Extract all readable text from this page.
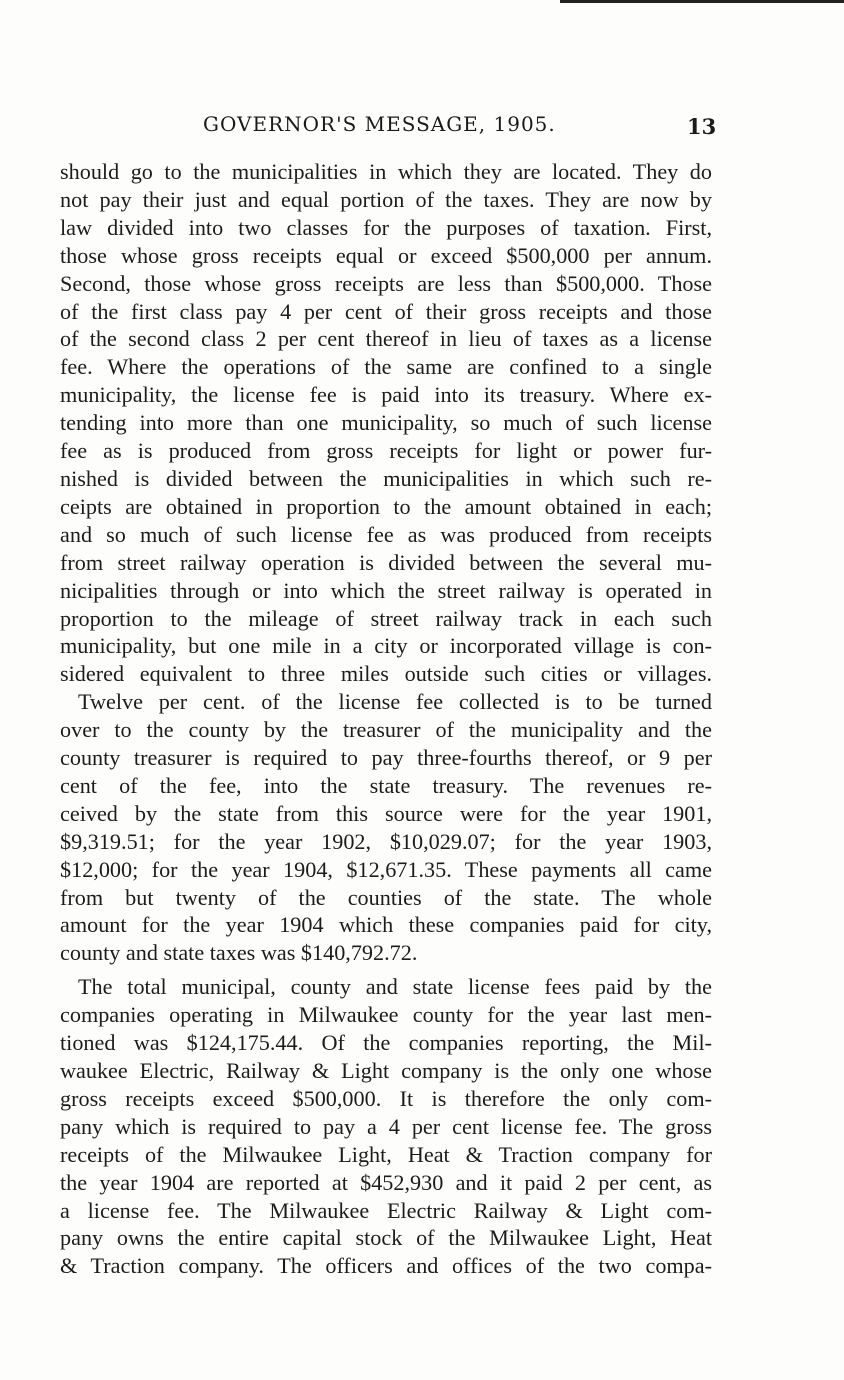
GOVERNOR'S MESSAGE, 1905.	13
should go to the municipalities in which they are located. They do
not pay their just and equal portion of the taxes. They are now by
law divided into two classes for the purposes of taxation. First,
those whose gross receipts equal or exceed $500,000 per annum.
Second, those whose gross receipts are less than $500,000. Those
of the first class pay 4 per cent of their gross receipts and those
of the second class 2 per cent thereof in lieu of taxes as a license
fee. Where the operations of the same are confined to a single
municipality, the license fee is paid into its treasury. Where ex-
tending into more than one municipality, so much of such license
fee as is produced from gross receipts for light or power fur-
nished is divided between the municipalities in which such re-
ceipts are obtained in proportion to the amount obtained in each;
and so much of such license fee as was produced from receipts
from street railway operation is divided between the several mu-
nicipalities through or into which the street railway is operated in
proportion to the mileage of street railway track in each such
municipality, but one mile in a city or incorporated village is con-
sidered equivalent to three miles outside such cities or villages.
Twelve per cent. of the license fee collected is to be turned
over to the county by the treasurer of the municipality and the
county treasurer is required to pay three-fourths thereof, or 9 per
cent of the fee, into the state treasury. The revenues re-
ceived by the state from this source were for the year 1901,
$9,319.51; for the year 1902, $10,029.07; for the year 1903,
$12,000; for the year 1904, $12,671.35. These payments all came
from but twenty of the counties of the state. The whole
amount for the year 1904 which these companies paid for city,
county and state taxes was $140,792.72.
The total municipal, county and state license fees paid by the
companies operating in Milwaukee county for the year last men-
tioned was $124,175.44. Of the companies reporting, the Mil-
waukee Electric, Railway & Light company is the only one whose
gross receipts exceed $500,000. It is therefore the only com-
pany which is required to pay a 4 per cent license fee. The gross
receipts of the Milwaukee Light, Heat & Traction company for
the year 1904 are reported at $452,930 and it paid 2 per cent, as
a license fee. The Milwaukee Electric Railway & Light com-
pany owns the entire capital stock of the Milwaukee Light, Heat
& Traction company. The officers and offices of the two compa-
